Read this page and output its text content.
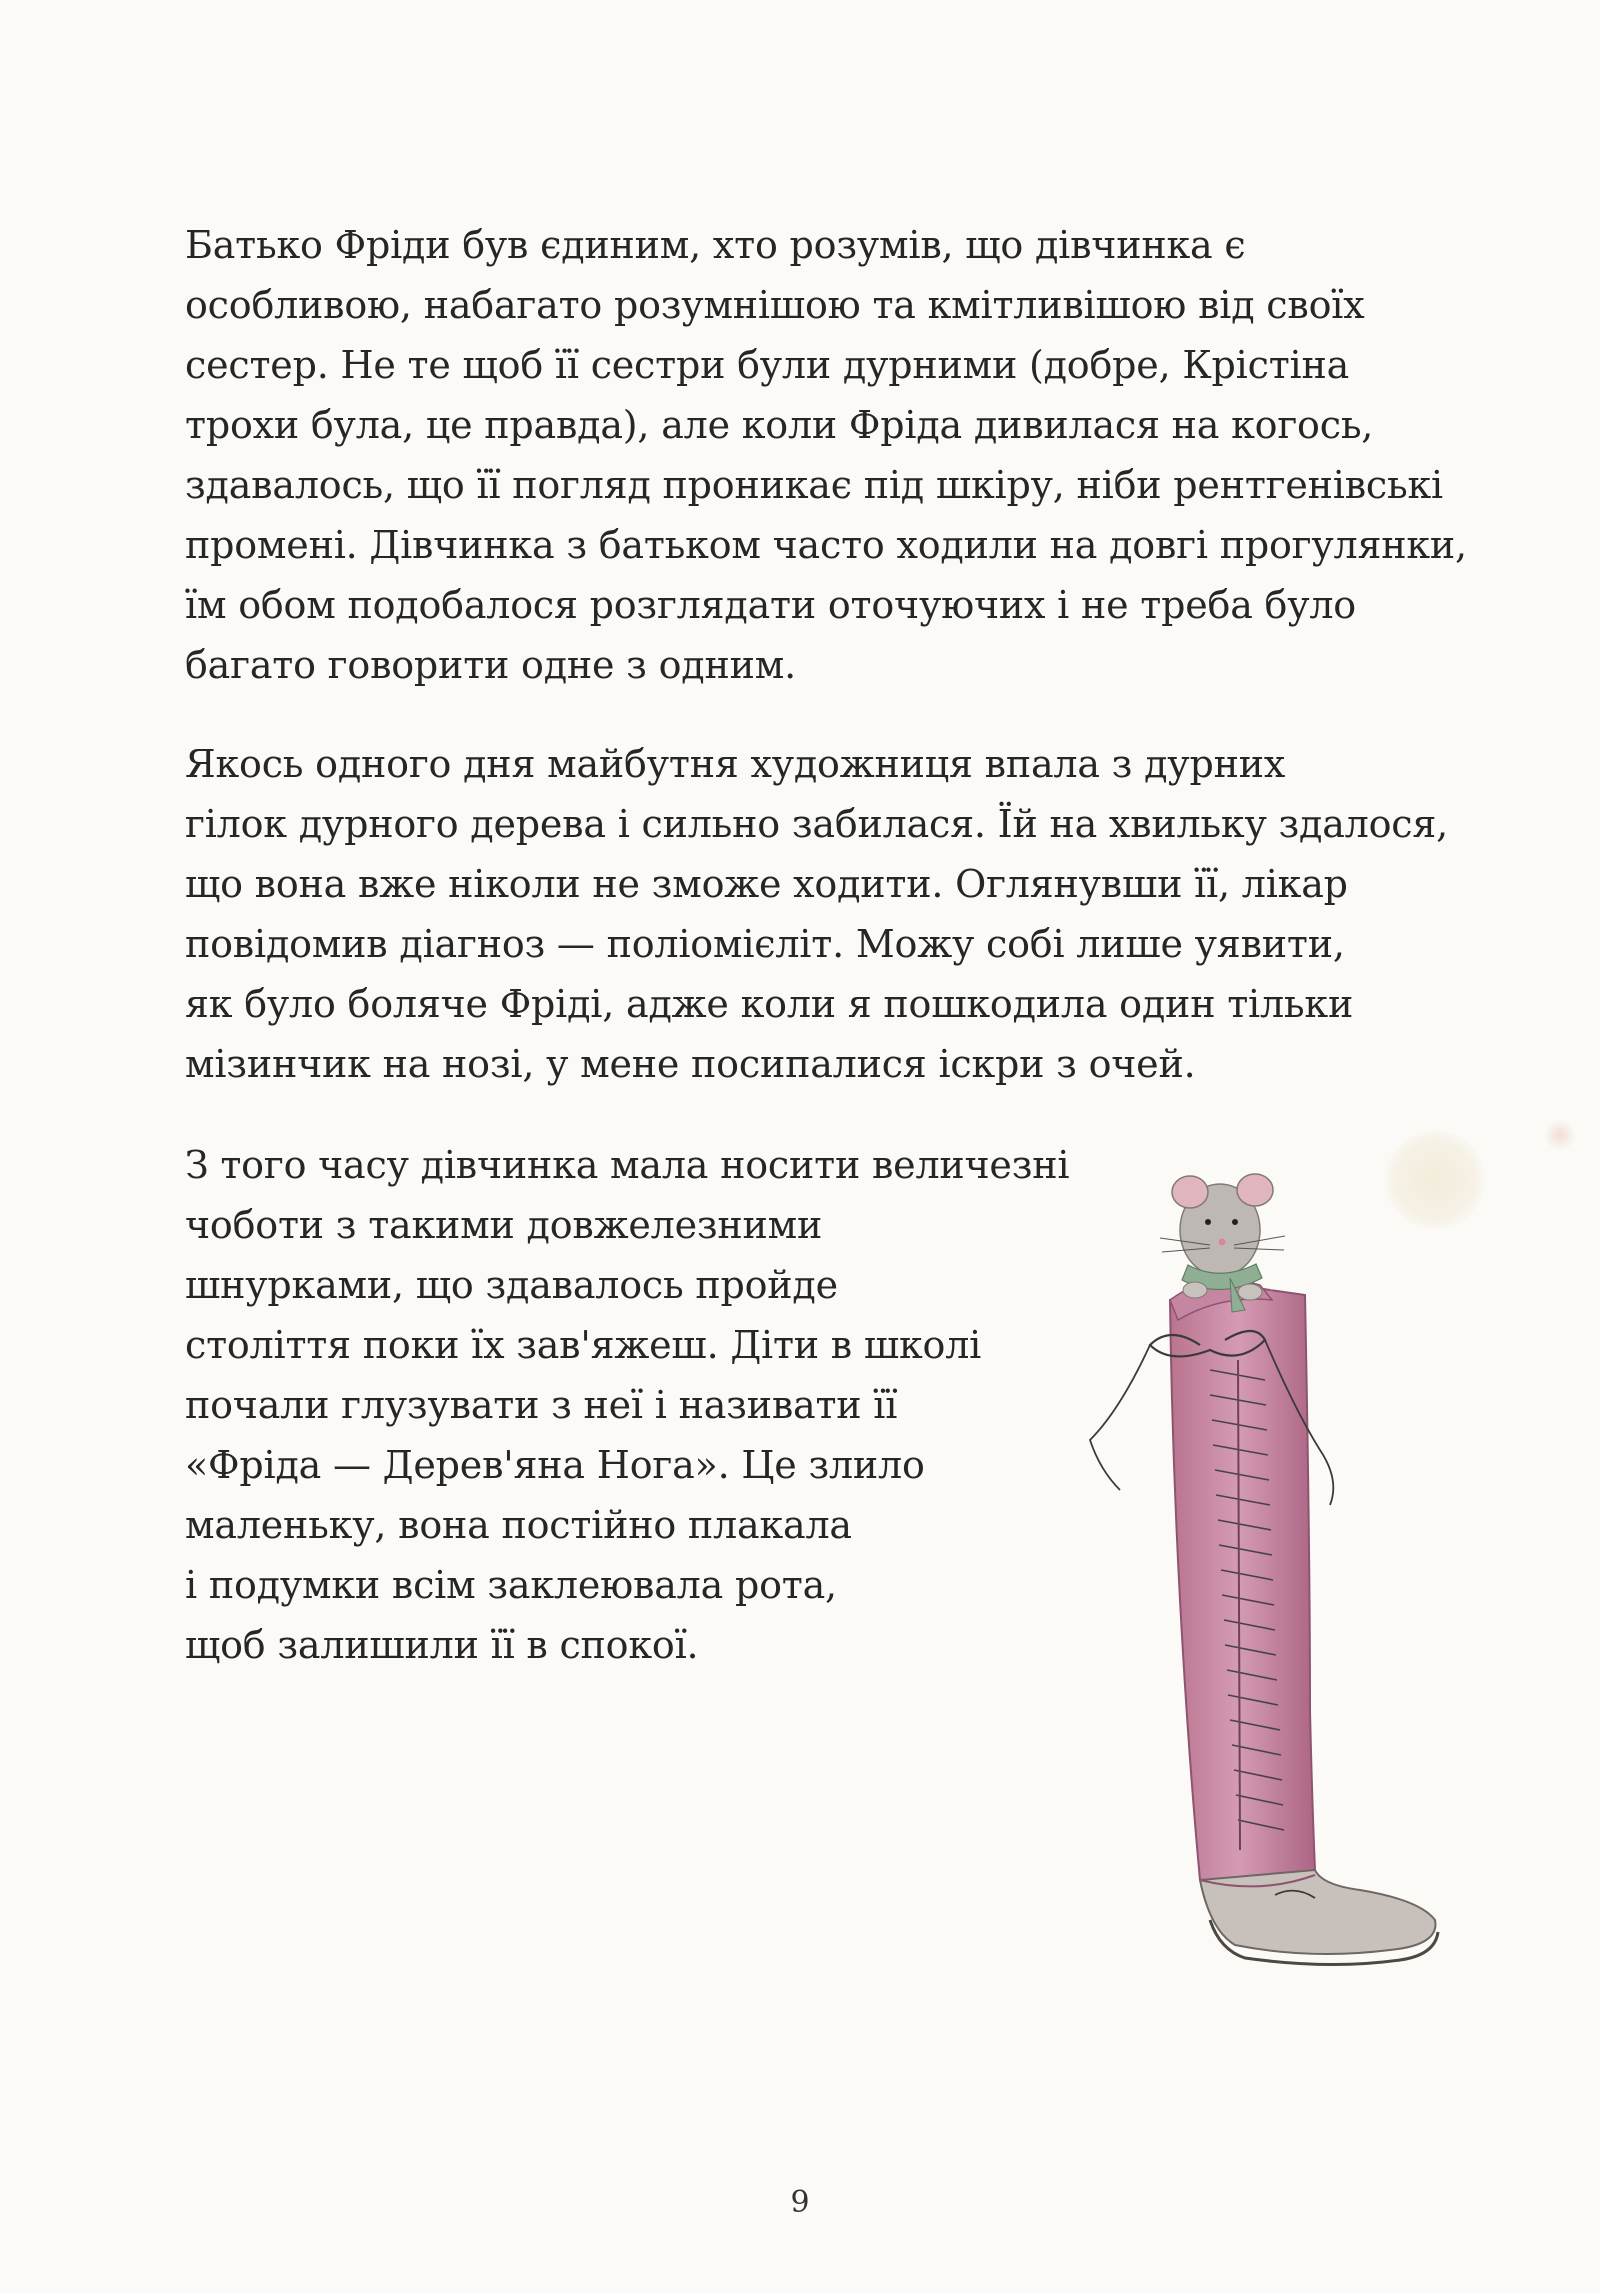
Батько Фріди був єдиним, хто розумів, що дівчинка є
особливою, набагато розумнішою та кмітливішою від своїх
сестер. Не те щоб її сестри були дурними (добре, Крістіна
трохи була, це правда), але коли Фріда дивилася на когось,
здавалось, що її погляд проникає під шкіру, ніби рентгенівські
промені. Дівчинка з батьком часто ходили на довгі прогулянки,
їм обом подобалося розглядати оточуючих і не треба було
багато говорити одне з одним.
Якось одного дня майбутня художниця впала з дурних
гілок дурного дерева і сильно забилася. Їй на хвильку здалося,
що вона вже ніколи не зможе ходити. Оглянувши її, лікар
повідомив діагноз — поліомієліт. Можу собі лише уявити,
як було боляче Фріді, адже коли я пошкодила один тільки
мізинчик на нозі, у мене посипалися іскри з очей.
З того часу дівчинка мала носити величезні
чоботи з такими довжелезними
шнурками, що здавалось пройде
століття поки їх зав'яжеш. Діти в школі
почали глузувати з неї і називати її
«Фріда — Дерев'яна Нога». Це злило
маленьку, вона постійно плакала
і подумки всім заклеювала рота,
щоб залишили її в спокої.
9
